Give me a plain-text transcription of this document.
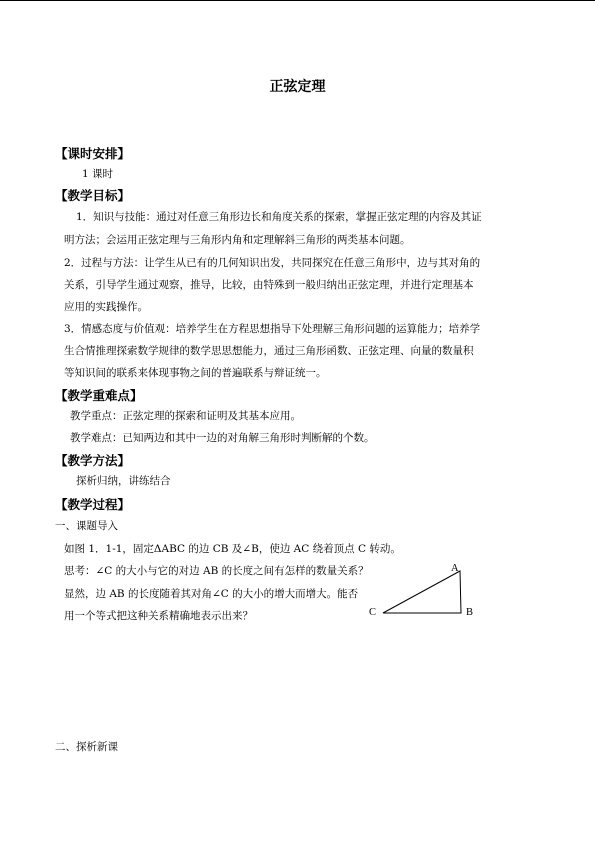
正弦定理
【课时安排】
1 课时
【教学目标】
1．知识与技能：通过对任意三角形边长和角度关系的探索，掌握正弦定理的内容及其证
明方法；会运用正弦定理与三角形内角和定理解斜三角形的两类基本问题。
2．过程与方法：让学生从已有的几何知识出发，共同探究在任意三角形中，边与其对角的
关系，引导学生通过观察，推导，比较，由特殊到一般归纳出正弦定理，并进行定理基本
应用的实践操作。
3．情感态度与价值观：培养学生在方程思想指导下处理解三角形问题的运算能力；培养学
生合情推理探索数学规律的数学思思想能力，通过三角形函数、正弦定理、向量的数量积
等知识间的联系来体现事物之间的普遍联系与辩证统一。
【教学重难点】
教学重点：正弦定理的探索和证明及其基本应用。
教学难点：已知两边和其中一边的对角解三角形时判断解的个数。
【教学方法】
探析归纳，讲练结合
【教学过程】
一、课题导入
如图 1．1-1，固定ΔABC 的边 CB 及∠B，使边 AC 绕着顶点 C 转动。
思考：∠C 的大小与它的对边 AB 的长度之间有怎样的数量关系？
显然，边 AB 的长度随着其对角∠C 的大小的增大而增大。能否
用一个等式把这种关系精确地表示出来？
A
C	B
二、探析新课
